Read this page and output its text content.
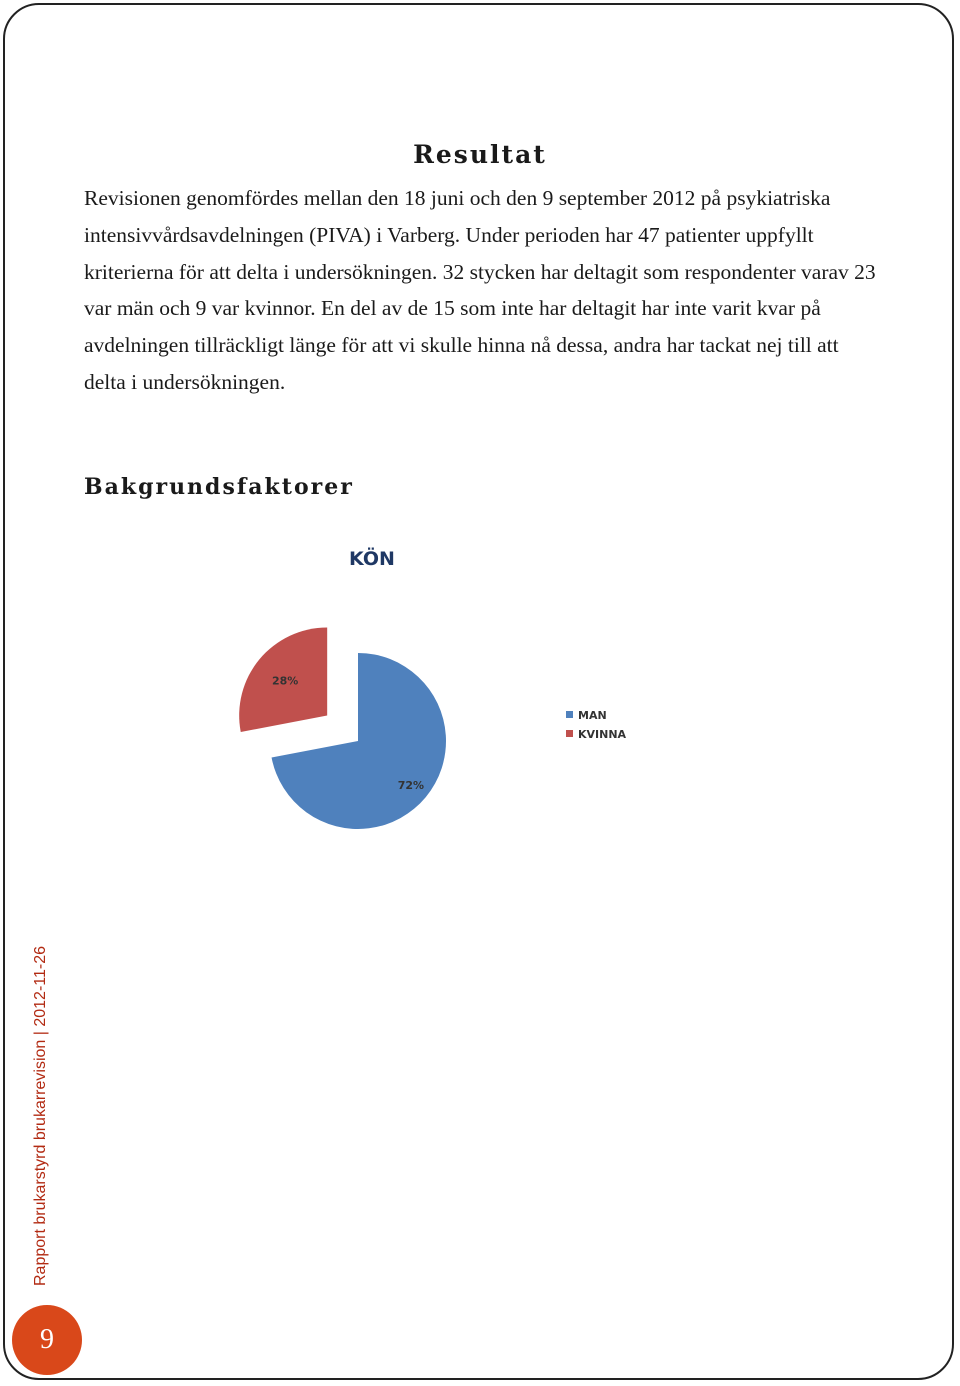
Resultat
Revisionen genomfördes mellan den 18 juni och den 9 september 2012 på psykiatriska intensivvårdsavdelningen (PIVA) i Varberg. Under perioden har 47 patienter uppfyllt kriterierna för att delta i undersökningen. 32 stycken har deltagit som respondenter varav 23 var män och 9 var kvinnor. En del av de 15 som inte har deltagit har inte varit kvar på avdelningen tillräckligt länge för att vi skulle hinna nå dessa, andra har tackat nej till att delta i undersökningen.
Bakgrundsfaktorer
KÖN
72%
28%
MAN
KVINNA
Rapport brukarstyrd brukarrevision | 2012-11-26
9
